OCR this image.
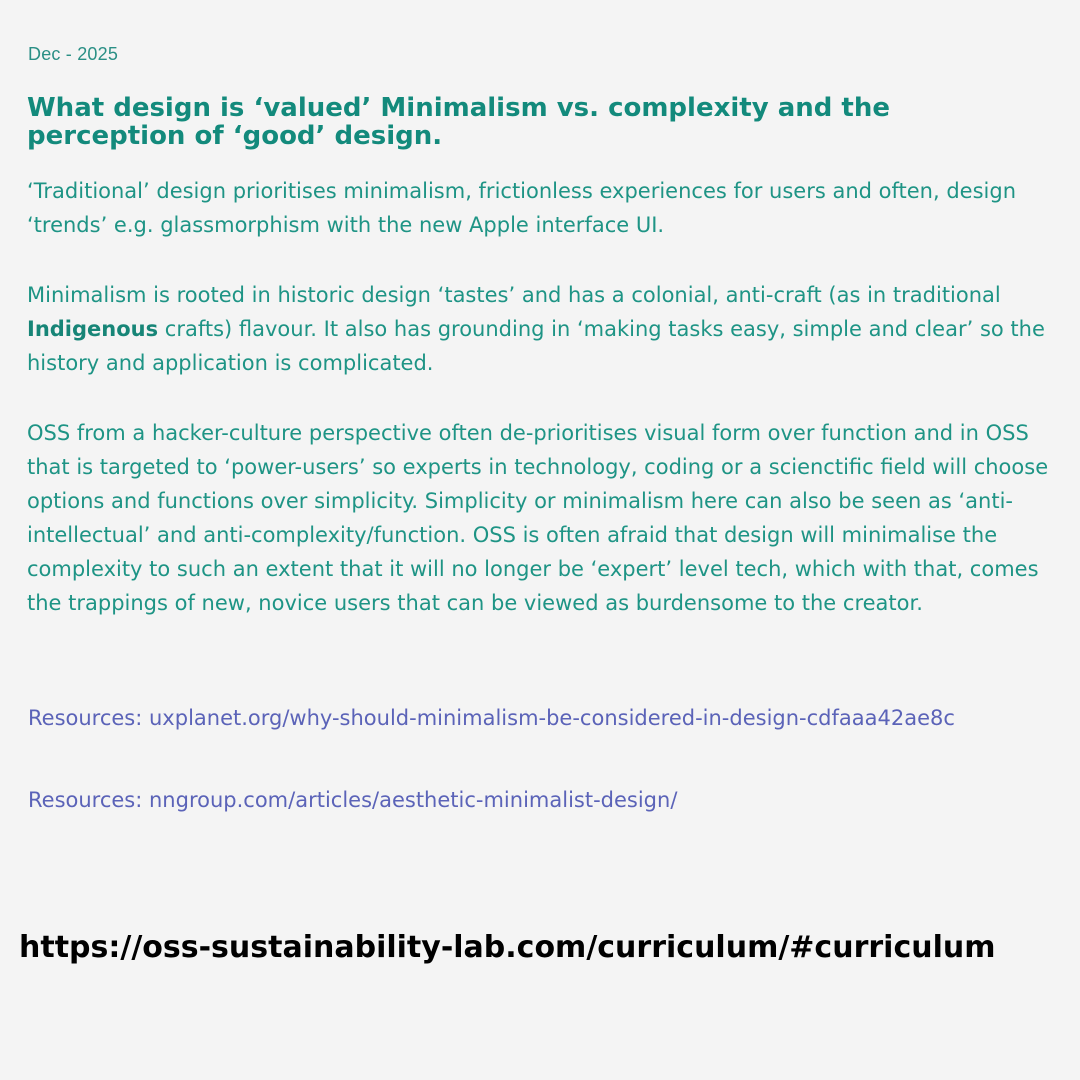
Dec - 2025
What design is ‘valued’ Minimalism vs. complexity and the perception of ‘good’ design.

‘Traditional’ design prioritises minimalism, frictionless experiences for users and often, design ‘trends’ e.g. glassmorphism with the new Apple interface UI.

Minimalism is rooted in historic design ‘tastes’ and has a colonial, anti-craft (as in traditional Indigenous crafts) flavour. It also has grounding in ‘making tasks easy, simple and clear’ so the history and application is complicated.

OSS from a hacker-culture perspective often de-prioritises visual form over function and in OSS that is targeted to ‘power-users’ so experts in technology, coding or a scienctific field will choose options and functions over simplicity. Simplicity or minimalism here can also be seen as ‘anti-intellectual’ and anti-complexity/function. OSS is often afraid that design will minimalise the complexity to such an extent that it will no longer be ‘expert’ level tech, which with that, comes the trappings of new, novice users that can be viewed as burdensome to the creator.

Resources: uxplanet.org/why-should-minimalism-be-considered-in-design-cdfaaa42ae8c

Resources: nngroup.com/articles/aesthetic-minimalist-design/

https://oss-sustainability-lab.com/curriculum/#curriculum
